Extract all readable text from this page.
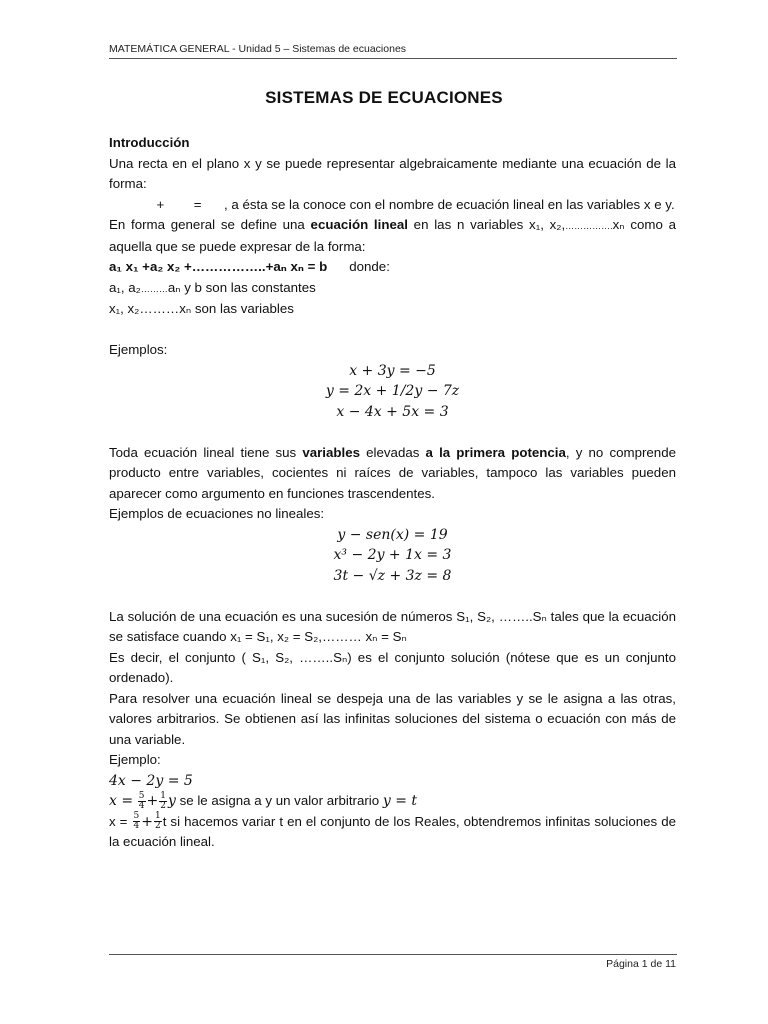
MATEMÁTICA GENERAL - Unidad 5 – Sistemas de ecuaciones
SISTEMAS DE ECUACIONES

Introducción

Una recta en el plano x y se puede representar algebraicamente mediante una ecuación de la forma:

+        = , a ésta se la conoce con el nombre de ecuación lineal en las variables x e y.

En forma general se define una ecuación lineal en las n variables x₁, x₂,…………….xₙ como a aquella que se puede expresar de la forma:

a₁ x₁ +a₂ x₂ +……………..+aₙ xₙ = b donde:

a₁, a₂………aₙ y b son las constantes

x₁, x₂………xₙ son las variables

Ejemplos:

x + 3y = −5

y = 2x + 1/2y − 7z

x − 4x + 5x = 3

Toda ecuación lineal tiene sus variables elevadas a la primera potencia, y no comprende producto entre variables, cocientes ni raíces de variables, tampoco las variables pueden aparecer como argumento en funciones trascendentes.

Ejemplos de ecuaciones no lineales:

y − sen(x) = 19

x³ − 2y + 1x = 3

3t − √z + 3z = 8

La solución de una ecuación es una sucesión de números S₁, S₂, ……..Sₙ tales que la ecuación se satisface cuando x₁ = S₁, x₂ = S₂,……… xₙ = Sₙ

Es decir, el conjunto ( S₁, S₂, ……..Sₙ) es el conjunto solución (nótese que es un conjunto ordenado).

Para resolver una ecuación lineal se despeja una de las variables y se le asigna a las otras, valores arbitrarios. Se obtienen así las infinitas soluciones del sistema o ecuación con más de una variable.

Ejemplo:

4x − 2y = 5

$x = \frac{5}{4} + \frac{1}{2}$ y se le asigna a y un valor arbitrario y = t

$x = \frac{5}{4} + \frac{1}{2}$ t si hacemos variar t en el conjunto de los Reales, obtendremos infinitas soluciones de la ecuación lineal.

Página 1 de 11
